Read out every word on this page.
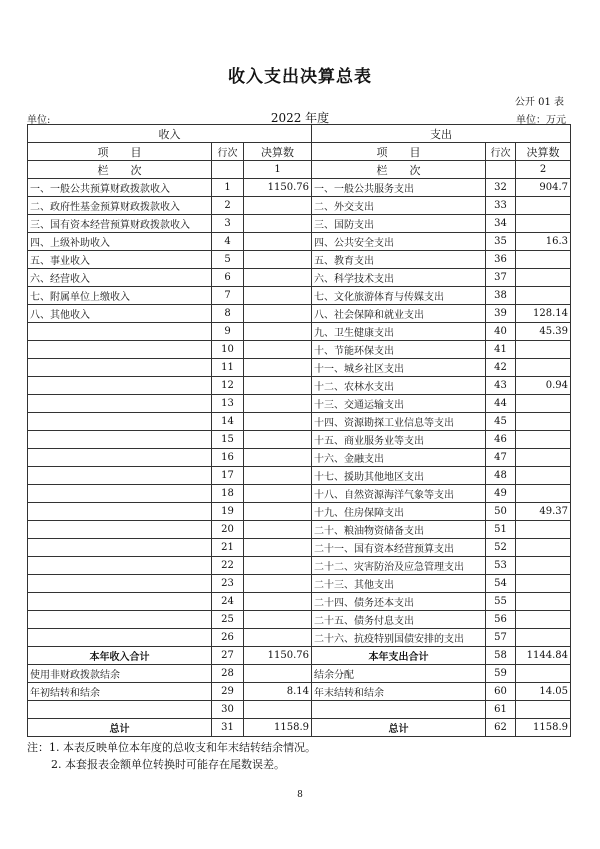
收入支出决算总表
公开 01 表
单位:	2022 年度	单位：万元
收入			支出		
项　　目	行次	决算数	项　　目	行次	决算数
栏　　次		1	栏　　次		2
一、一般公共预算财政拨款收入	1	1150.76	一、一般公共服务支出	32	904.7
二、政府性基金预算财政拨款收入	2		二、外交支出	33	
三、国有资本经营预算财政拨款收入	3		三、国防支出	34	
四、上级补助收入	4		四、公共安全支出	35	16.3
五、事业收入	5		五、教育支出	36	
六、经营收入	6		六、科学技术支出	37	
七、附属单位上缴收入	7		七、文化旅游体育与传媒支出	38	
八、其他收入	8		八、社会保障和就业支出	39	128.14
	9		九、卫生健康支出	40	45.39
	10		十、节能环保支出	41	
	11		十一、城乡社区支出	42	
	12		十二、农林水支出	43	0.94
	13		十三、交通运输支出	44	
	14		十四、资源勘探工业信息等支出	45	
	15		十五、商业服务业等支出	46	
	16		十六、金融支出	47	
	17		十七、援助其他地区支出	48	
	18		十八、自然资源海洋气象等支出	49	
	19		十九、住房保障支出	50	49.37
	20		二十、粮油物资储备支出	51	
	21		二十一、国有资本经营预算支出	52	
	22		二十二、灾害防治及应急管理支出	53	
	23		二十三、其他支出	54	
	24		二十四、债务还本支出	55	
	25		二十五、债务付息支出	56	
	26		二十六、抗疫特别国债安排的支出	57	
本年收入合计	27	1150.76	本年支出合计	58	1144.84
使用非财政拨款结余	28		结余分配	59	
年初结转和结余	29	8.14	年末结转和结余	60	14.05
	30			61	
总计	31	1158.9	总计	62	1158.9
注：1. 本表反映单位本年度的总收支和年末结转结余情况。
2. 本套报表金额单位转换时可能存在尾数误差。
8
